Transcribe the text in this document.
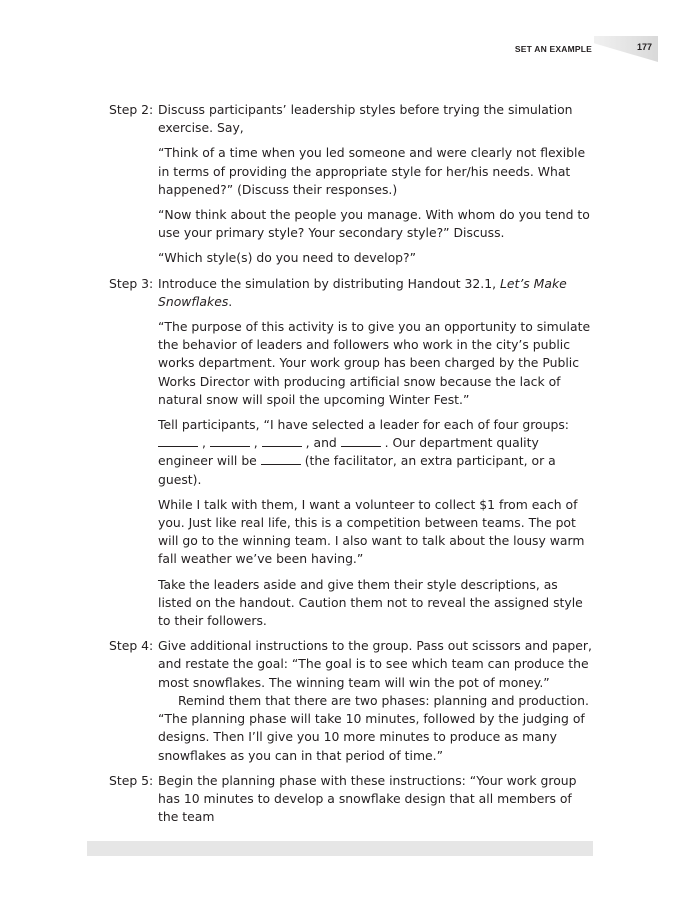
SET AN EXAMPLE	177
Step 2: Discuss participants’ leadership styles before trying the simulation exercise. Say,

“Think of a time when you led someone and were clearly not flexible in terms of providing the appropriate style for her/his needs. What happened?” (Discuss their responses.)

“Now think about the people you manage. With whom do you tend to use your primary style? Your secondary style?” Discuss.

“Which style(s) do you need to develop?”

Step 3: Introduce the simulation by distributing Handout 32.1, Let’s Make Snowflakes.

“The purpose of this activity is to give you an opportunity to simulate the behavior of leaders and followers who work in the city’s public works department. Your work group has been charged by the Public Works Director with producing artificial snow because the lack of natural snow will spoil the upcoming Winter Fest.”

Tell participants, “I have selected a leader for each of four groups:  ,	,	, and	. Our department quality engineer will be	(the facilitator, an extra participant, or a guest).

While I talk with them, I want a volunteer to collect $1 from each of you. Just like real life, this is a competition between teams. The pot will go to the winning team. I also want to talk about the lousy warm fall weather we’ve been having.”

Take the leaders aside and give them their style descriptions, as listed on the handout. Caution them not to reveal the assigned style to their followers.

Step 4: Give additional instructions to the group. Pass out scissors and paper, and restate the goal: “The goal is to see which team can produce the most snowflakes. The winning team will win the pot of money.”

Remind them that there are two phases: planning and production. “The planning phase will take 10 minutes, followed by the judging of designs. Then I’ll give you 10 more minutes to produce as many snowflakes as you can in that period of time.”

Step 5: Begin the planning phase with these instructions: “Your work group has 10 minutes to develop a snowflake design that all members of the team
